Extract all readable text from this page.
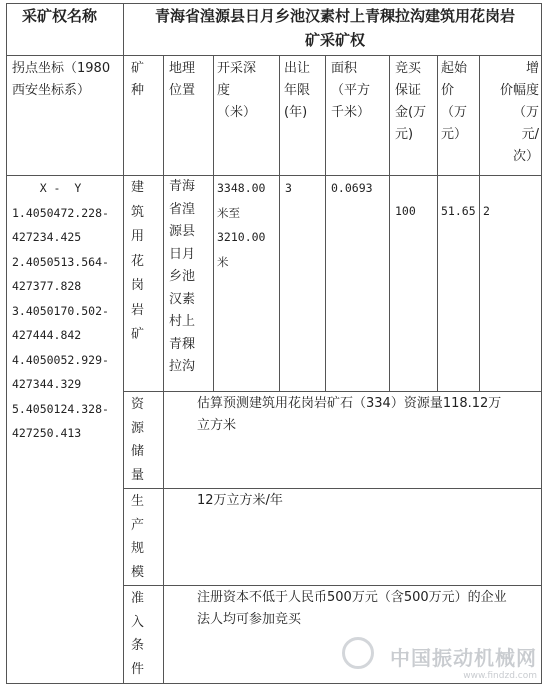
采矿权名称	青海省湟源县日月乡池汉素村上青稞拉沟建筑用花岗岩
矿采矿权
拐点坐标（1980
西安坐标系）
矿
种
地理
位置
开采深
度
（米）
出让
年限
(年)
面积
（平方
千米）
竞买
保证
金(万
元)
起始
价
（万
元）
增
价幅度
（万
元/
次）
X -  Y
1.4050472.228-
427234.425
2.4050513.564-
427377.828
3.4050170.502-
427444.842
4.4050052.929-
427344.329
5.4050124.328-
427250.413
建
筑
用
花
岗
岩
矿
青海
省湟
源县
日月
乡池
汉素
村上
青稞
拉沟
3348.00
米至
3210.00
米
3	0.0693
100 51.65 2
资
源
储
量
估算预测建筑用花岗岩矿石（334）资源量118.12万
立方米
生
产
规
模
12万立方米/年
准
入
条
件
注册资本不低于人民币500万元（含500万元）的企业
法人均可参加竞买
中国振动机械网
www.findzd.com
